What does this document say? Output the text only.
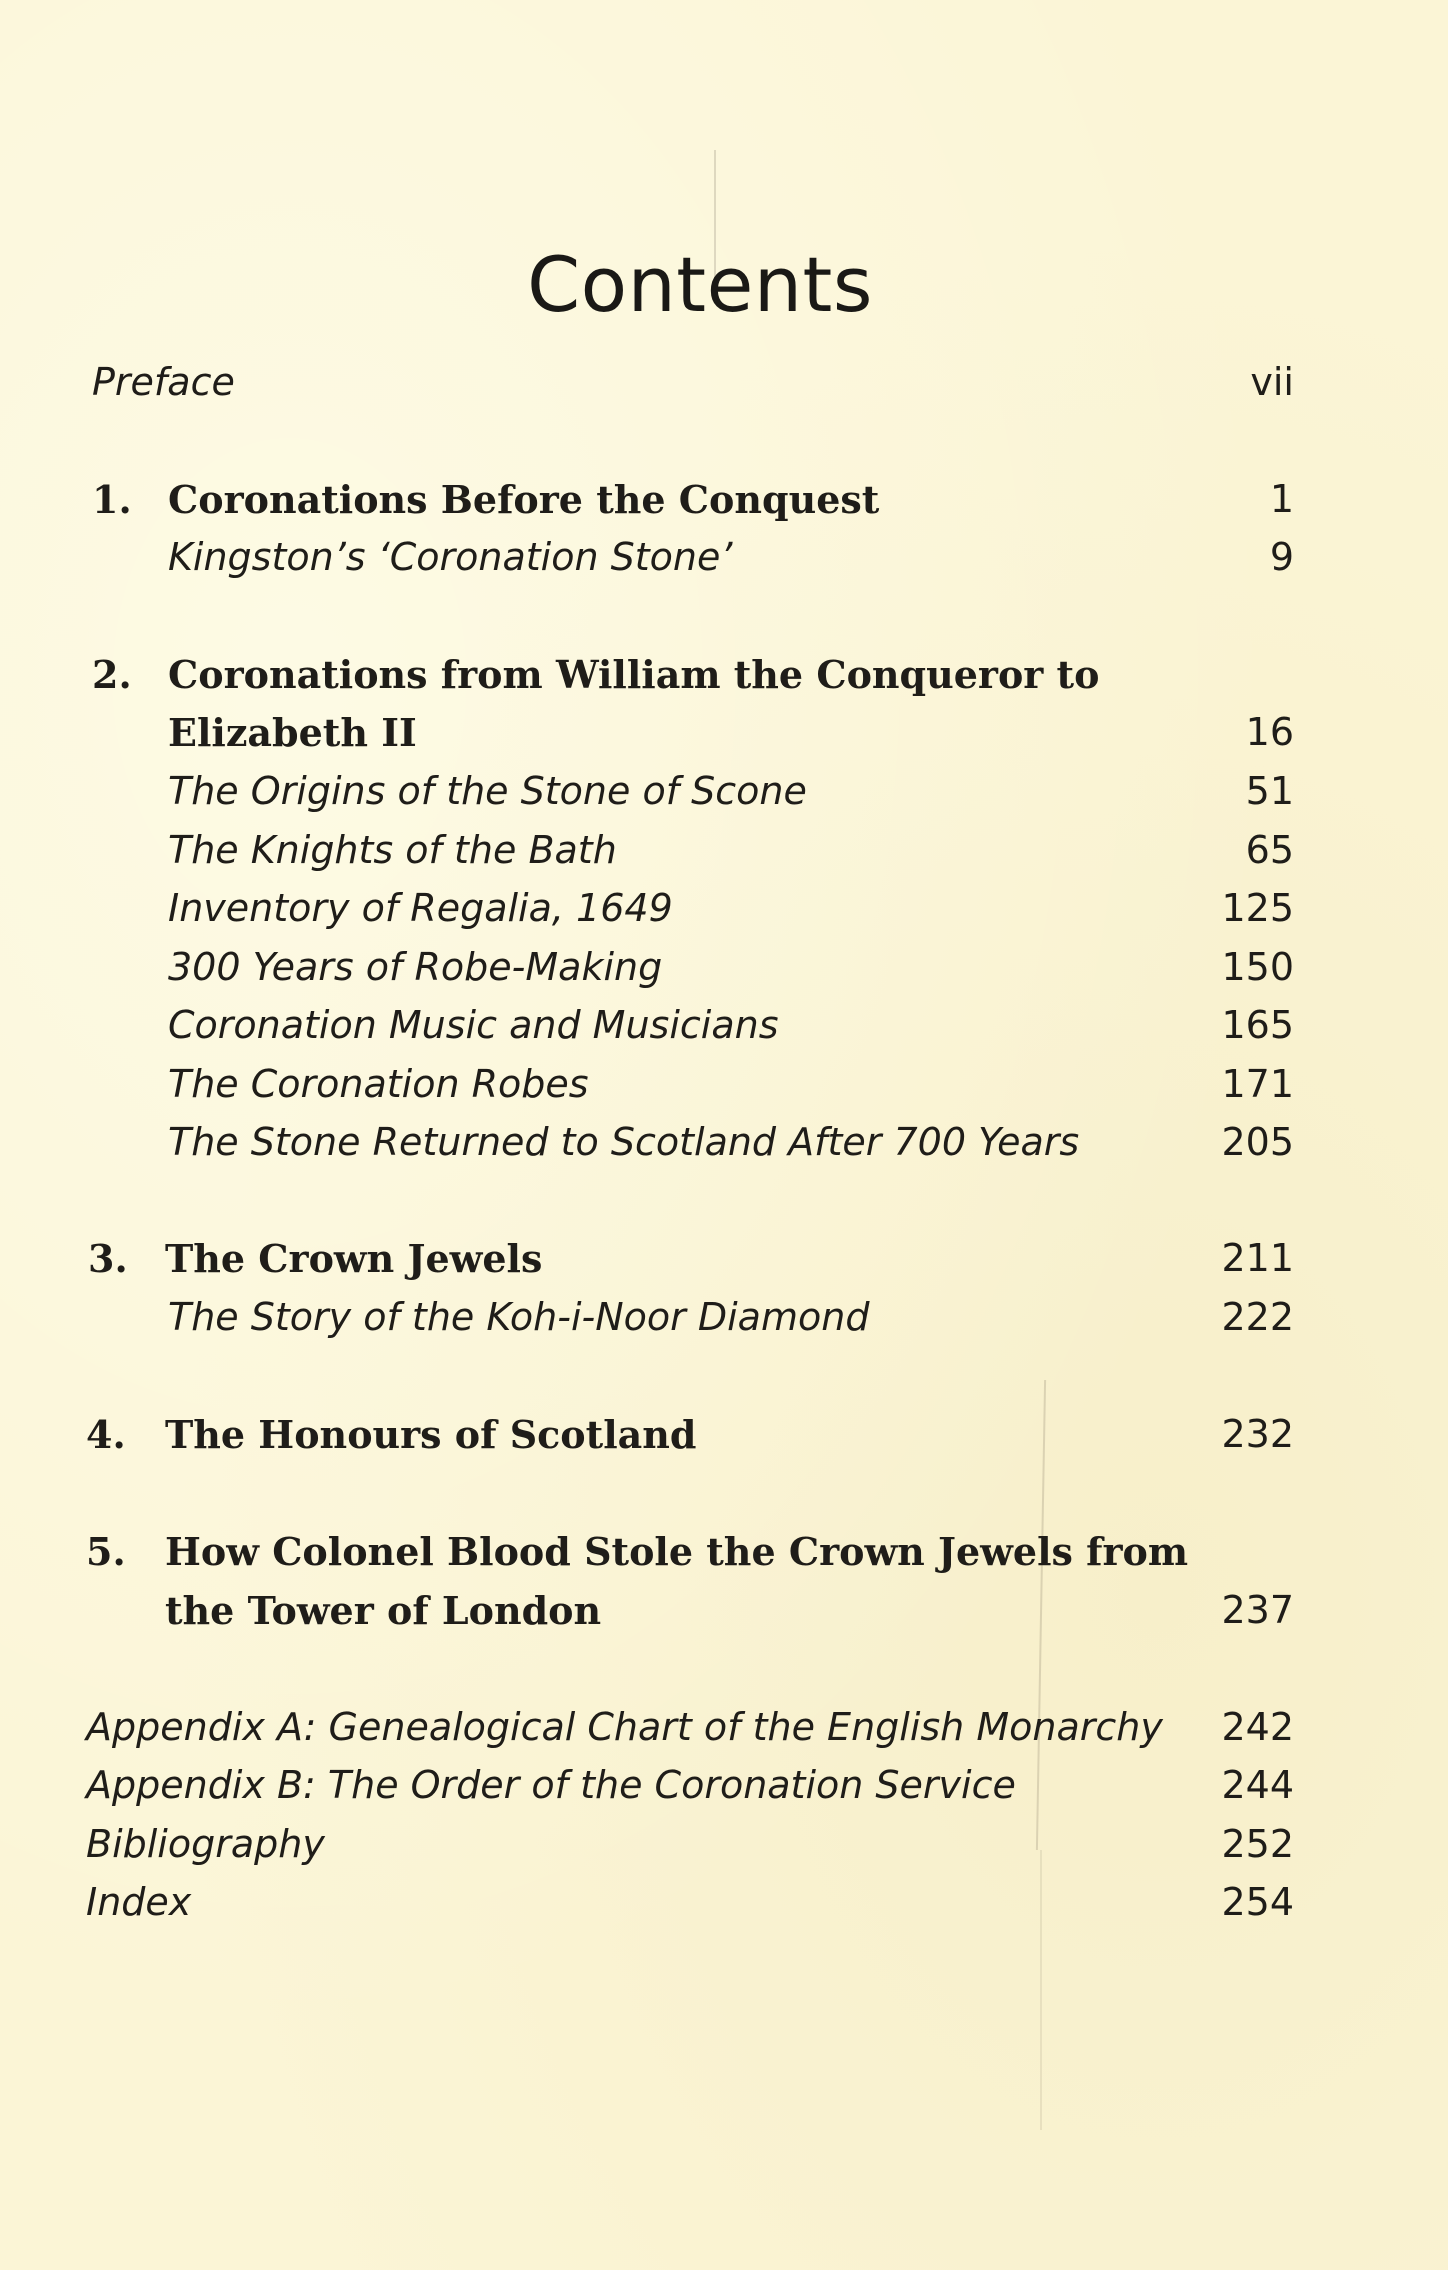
Contents
Preface	vii
1. Coronations Before the Conquest	1
Kingston’s ‘Coronation Stone’	9
2. Coronations from William the Conqueror to
Elizabeth II	16
The Origins of the Stone of Scone	51
The Knights of the Bath	65
Inventory of Regalia, 1649	125
300 Years of Robe-Making	150
Coronation Music and Musicians	165
The Coronation Robes	171
The Stone Returned to Scotland After 700 Years	205
3. The Crown Jewels	211
The Story of the Koh-i-Noor Diamond	222
4. The Honours of Scotland	232
5. How Colonel Blood Stole the Crown Jewels from
the Tower of London	237
Appendix A: Genealogical Chart of the English Monarchy 242
Appendix B: The Order of the Coronation Service	244
Bibliography	252
Index	254
